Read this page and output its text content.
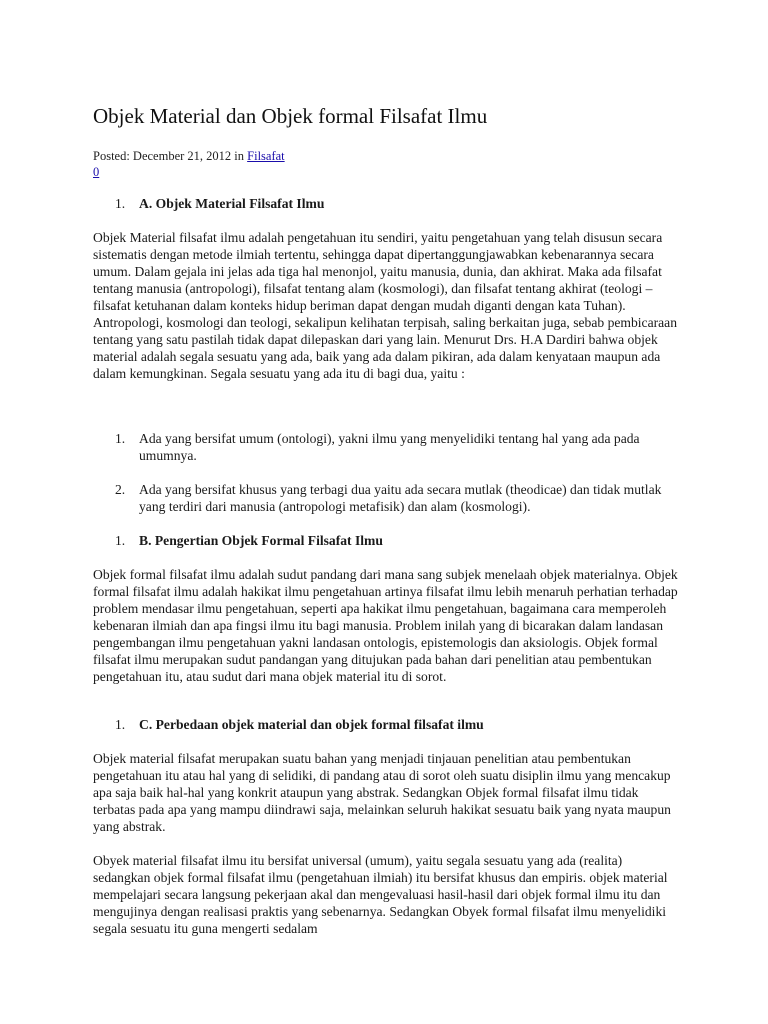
Objek Material dan Objek formal Filsafat Ilmu
Posted: December 21, 2012 in Filsafat
0
1. A. Objek Material Filsafat Ilmu

Objek Material filsafat ilmu adalah pengetahuan itu sendiri, yaitu pengetahuan yang telah disusun secara sistematis dengan metode ilmiah tertentu, sehingga dapat dipertanggungjawabkan kebenarannya secara umum. Dalam gejala ini jelas ada tiga hal menonjol, yaitu manusia, dunia, dan akhirat. Maka ada filsafat tentang manusia (antropologi), filsafat tentang alam (kosmologi), dan filsafat tentang akhirat (teologi – filsafat ketuhanan dalam konteks hidup beriman dapat dengan mudah diganti dengan kata Tuhan). Antropologi, kosmologi dan teologi, sekalipun kelihatan terpisah, saling berkaitan juga, sebab pembicaraan tentang yang satu pastilah tidak dapat dilepaskan dari yang lain. Menurut Drs. H.A Dardiri bahwa objek material adalah segala sesuatu yang ada, baik yang ada dalam pikiran, ada dalam kenyataan maupun ada dalam kemungkinan. Segala sesuatu yang ada itu di bagi dua, yaitu :

1. Ada yang bersifat umum (ontologi), yakni ilmu yang menyelidiki tentang hal yang ada pada umumnya.
2. Ada yang bersifat khusus yang terbagi dua yaitu ada secara mutlak (theodicae) dan tidak mutlak yang terdiri dari manusia (antropologi metafisik) dan alam (kosmologi).
1. B. Pengertian Objek Formal Filsafat Ilmu

Objek formal filsafat ilmu adalah sudut pandang dari mana sang subjek menelaah objek materialnya. Objek formal filsafat ilmu adalah hakikat ilmu pengetahuan artinya filsafat ilmu lebih menaruh perhatian terhadap problem mendasar ilmu pengetahuan, seperti apa hakikat ilmu pengetahuan, bagaimana cara memperoleh kebenaran ilmiah dan apa fingsi ilmu itu bagi manusia. Problem inilah yang di bicarakan dalam landasan pengembangan ilmu pengetahuan yakni landasan ontologis, epistemologis dan aksiologis. Objek formal filsafat ilmu merupakan sudut pandangan yang ditujukan pada bahan dari penelitian atau pembentukan pengetahuan itu, atau sudut dari mana objek material itu di sorot.

1. C. Perbedaan objek material dan objek formal filsafat ilmu

Objek material filsafat merupakan suatu bahan yang menjadi tinjauan penelitian atau pembentukan pengetahuan itu atau hal yang di selidiki, di pandang atau di sorot oleh suatu disiplin ilmu yang mencakup apa saja baik hal-hal yang konkrit ataupun yang abstrak. Sedangkan Objek formal filsafat ilmu tidak terbatas pada apa yang mampu diindrawi saja, melainkan seluruh hakikat sesuatu baik yang nyata maupun yang abstrak.

Obyek material filsafat ilmu itu bersifat universal (umum), yaitu segala sesuatu yang ada (realita) sedangkan objek formal filsafat ilmu (pengetahuan ilmiah) itu bersifat khusus dan empiris. objek material mempelajari secara langsung pekerjaan akal dan mengevaluasi hasil-hasil dari objek formal ilmu itu dan mengujinya dengan realisasi praktis yang sebenarnya. Sedangkan Obyek formal filsafat ilmu menyelidiki segala sesuatu itu guna mengerti sedalam
